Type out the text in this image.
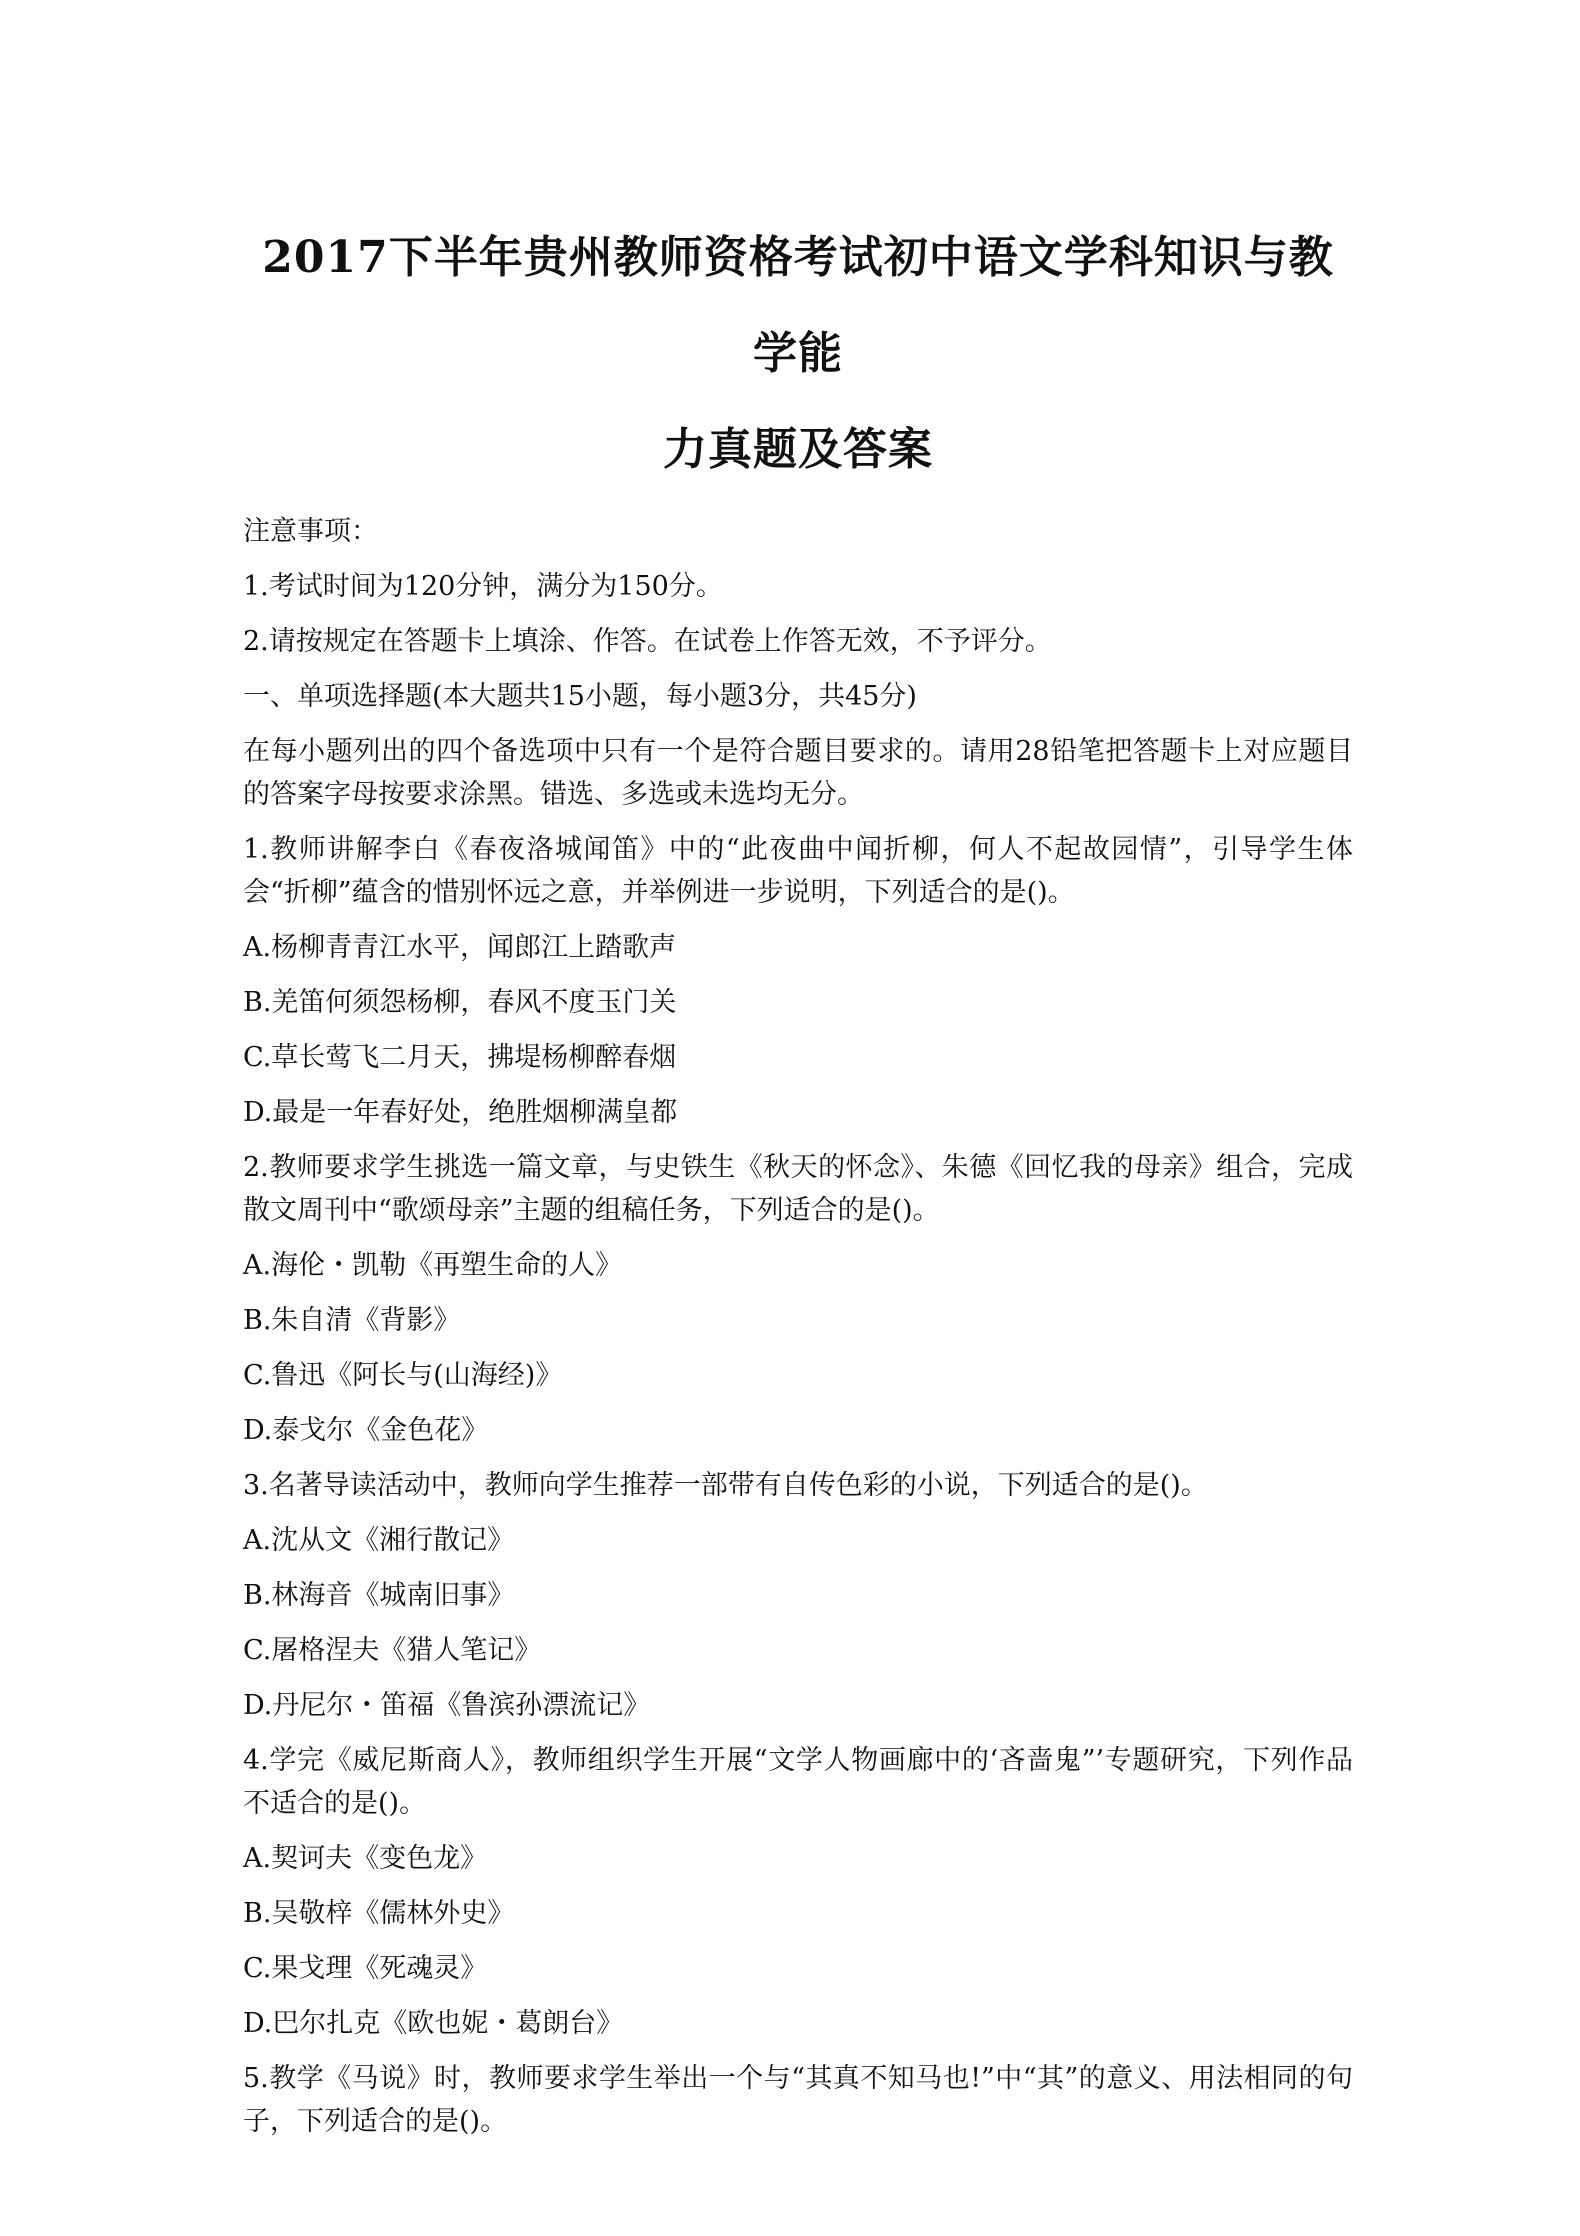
2017下半年贵州教师资格考试初中语文学科知识与教学能
力真题及答案

注意事项：

1.考试时间为120分钟，满分为150分。

2.请按规定在答题卡上填涂、作答。在试卷上作答无效，不予评分。

一、单项选择题(本大题共15小题，每小题3分，共45分)

在每小题列出的四个备选项中只有一个是符合题目要求的。请用28铅笔把答题卡上对应题目的答案字母按要求涂黑。错选、多选或未选均无分。

1.教师讲解李白《春夜洛城闻笛》中的“此夜曲中闻折柳，何人不起故园情”，引导学生体会“折柳”蕴含的惜别怀远之意，并举例进一步说明，下列适合的是()。

A.杨柳青青江水平，闻郎江上踏歌声

B.羌笛何须怨杨柳，春风不度玉门关

C.草长莺飞二月天，拂堤杨柳醉春烟

D.最是一年春好处，绝胜烟柳满皇都

2.教师要求学生挑选一篇文章，与史铁生《秋天的怀念》、朱德《回忆我的母亲》组合，完成散文周刊中“歌颂母亲”主题的组稿任务，下列适合的是()。

A.海伦・凯勒《再塑生命的人》

B.朱自清《背影》

C.鲁迅《阿长与(山海经)》

D.泰戈尔《金色花》

3.名著导读活动中，教师向学生推荐一部带有自传色彩的小说，下列适合的是()。

A.沈从文《湘行散记》

B.林海音《城南旧事》

C.屠格涅夫《猎人笔记》

D.丹尼尔・笛福《鲁滨孙漂流记》

4.学完《威尼斯商人》，教师组织学生开展“文学人物画廊中的‘吝啬鬼”’专题研究，下列作品不适合的是()。

A.契诃夫《变色龙》

B.吴敬梓《儒林外史》

C.果戈理《死魂灵》

D.巴尔扎克《欧也妮・葛朗台》

5.教学《马说》时，教师要求学生举出一个与“其真不知马也!”中“其”的意义、用法相同的句子，下列适合的是()。
